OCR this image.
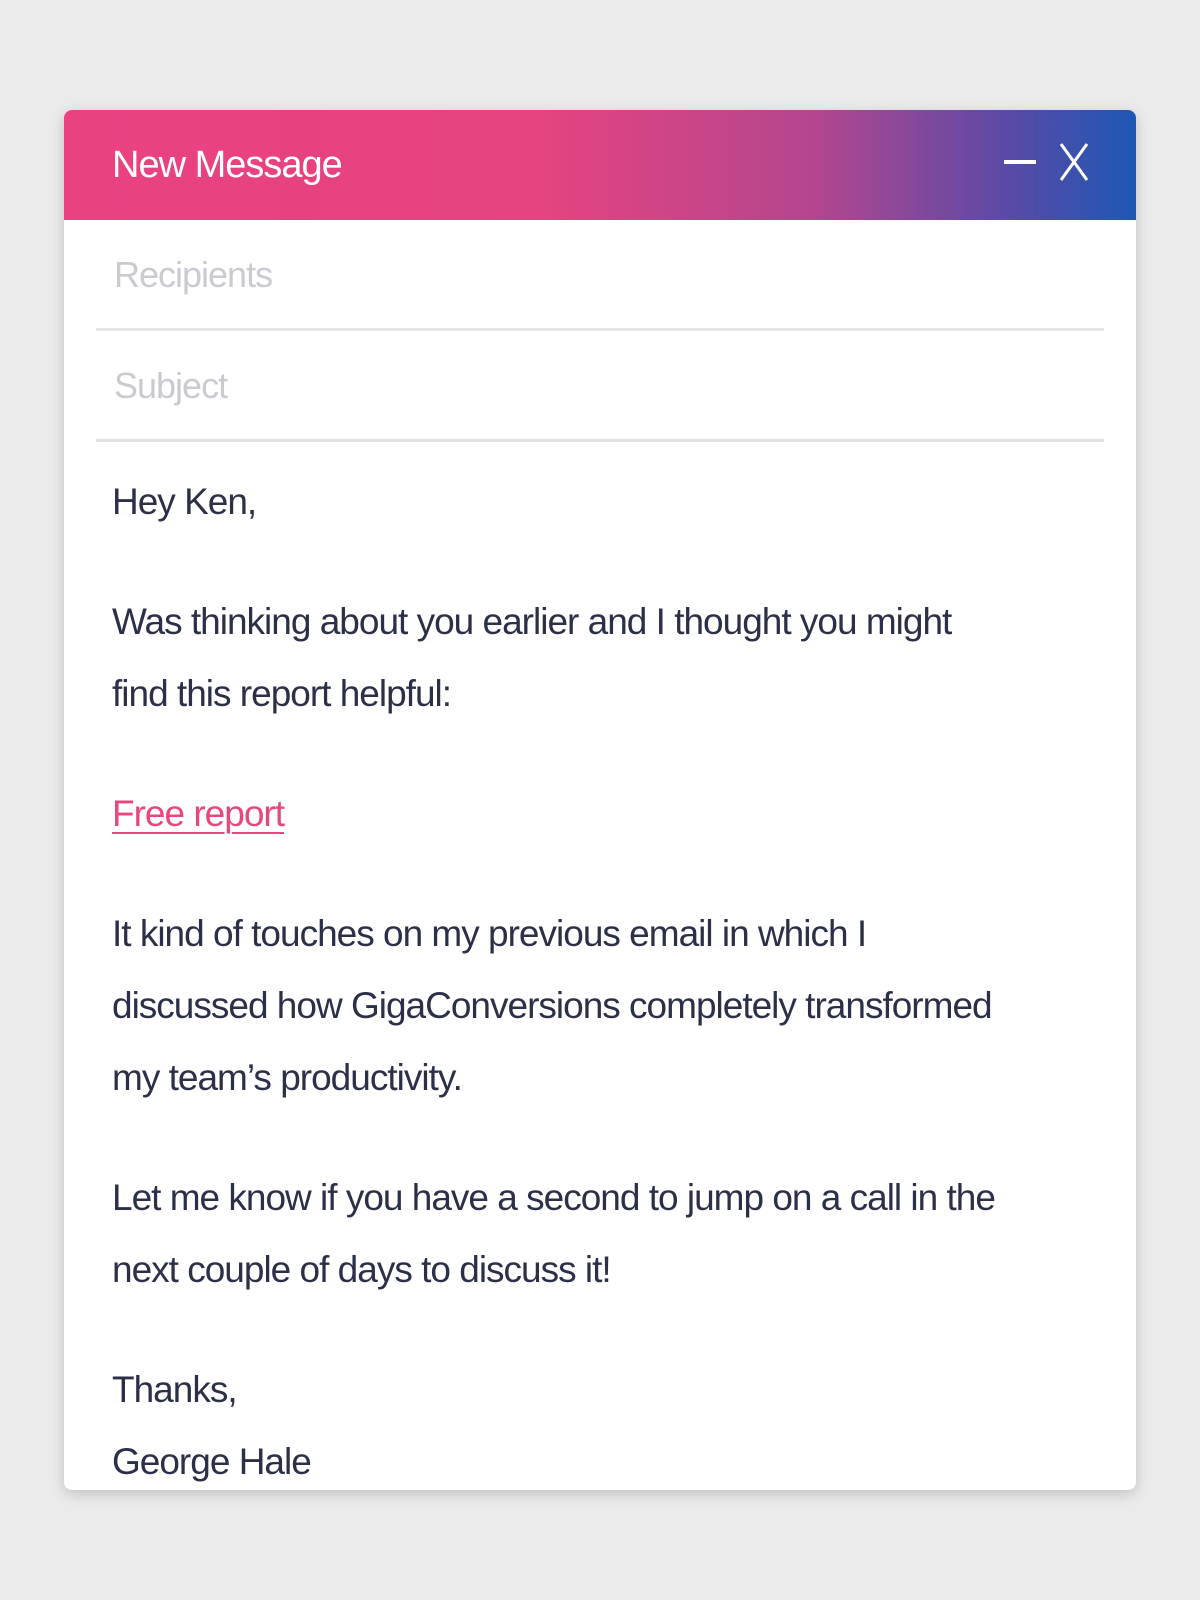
New Message
Recipients
Subject

Hey Ken,

Was thinking about you earlier and I thought you might find this report helpful:

Free report

It kind of touches on my previous email in which I discussed how GigaConversions completely transformed my team’s productivity.

Let me know if you have a second to jump on a call in the next couple of days to discuss it!

Thanks,

George Hale
